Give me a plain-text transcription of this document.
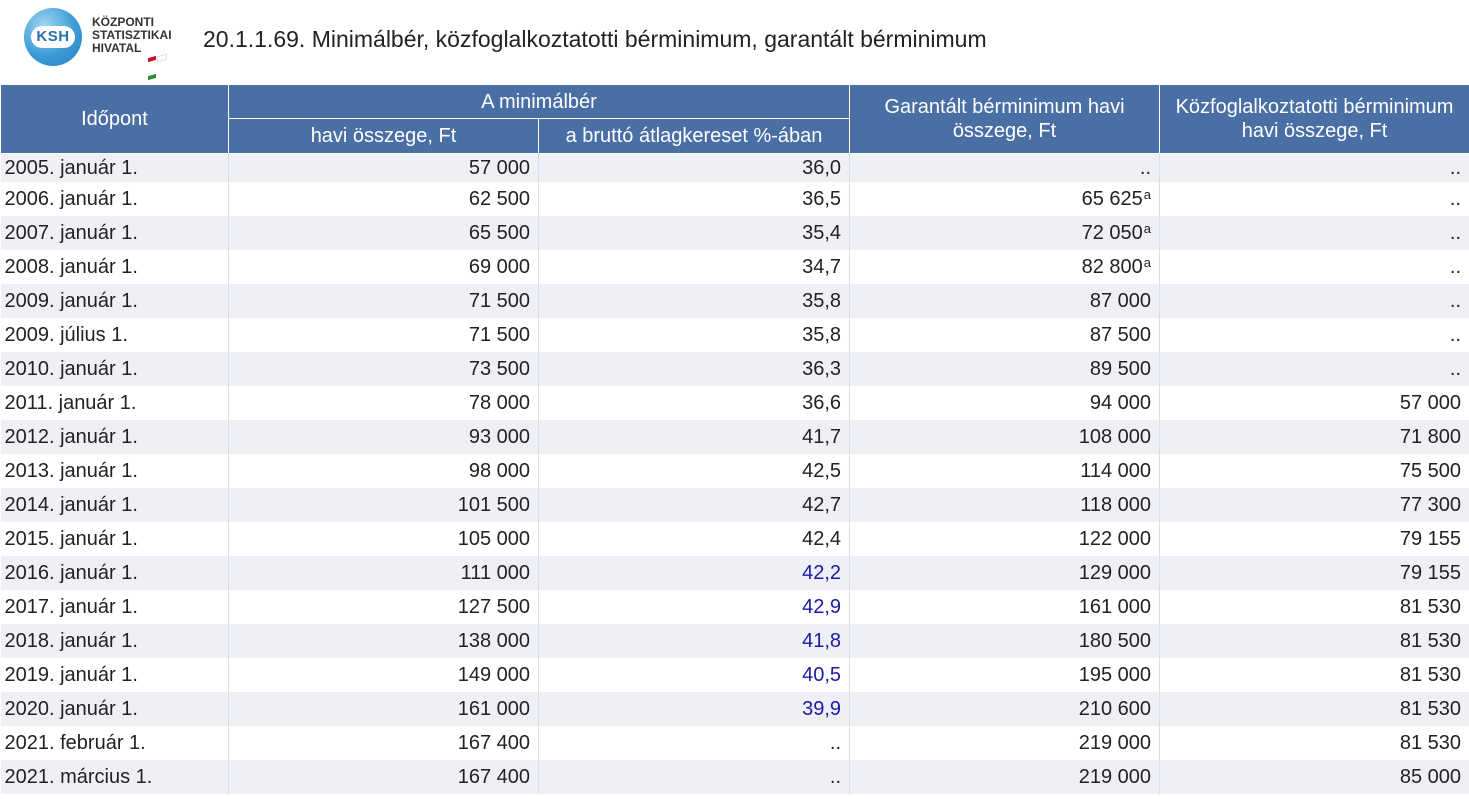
KSH
KÖZPONTI
STATISZTIKAI
HIVATAL	20.1.1.69. Minimálbér, közfoglalkoztatotti bérminimum, garantált bérminimum
Időpont	A minimálbér		Garantált bérminimum havi összege, Ft	Közfoglalkoztatotti bérminimum havi összege, Ft
	havi összege, Ft	a bruttó átlagkereset %-ában		
2005. január 1.	57 000	36,0	..	..
2006. január 1.	62 500	36,5	65 625$^a$	..
2007. január 1.	65 500	35,4	72 050$^a$	..
2008. január 1.	69 000	34,7	82 800$^a$	..
2009. január 1.	71 500	35,8	87 000	..
2009. július 1.	71 500	35,8	87 500	..
2010. január 1.	73 500	36,3	89 500	..
2011. január 1.	78 000	36,6	94 000	57 000
2012. január 1.	93 000	41,7	108 000	71 800
2013. január 1.	98 000	42,5	114 000	75 500
2014. január 1.	101 500	42,7	118 000	77 300
2015. január 1.	105 000	42,4	122 000	79 155
2016. január 1.	111 000	42,2	129 000	79 155
2017. január 1.	127 500	42,9	161 000	81 530
2018. január 1.	138 000	41,8	180 500	81 530
2019. január 1.	149 000	40,5	195 000	81 530
2020. január 1.	161 000	39,9	210 600	81 530
2021. február 1.	167 400	..	219 000	81 530
2021. március 1.	167 400	..	219 000	85 000
